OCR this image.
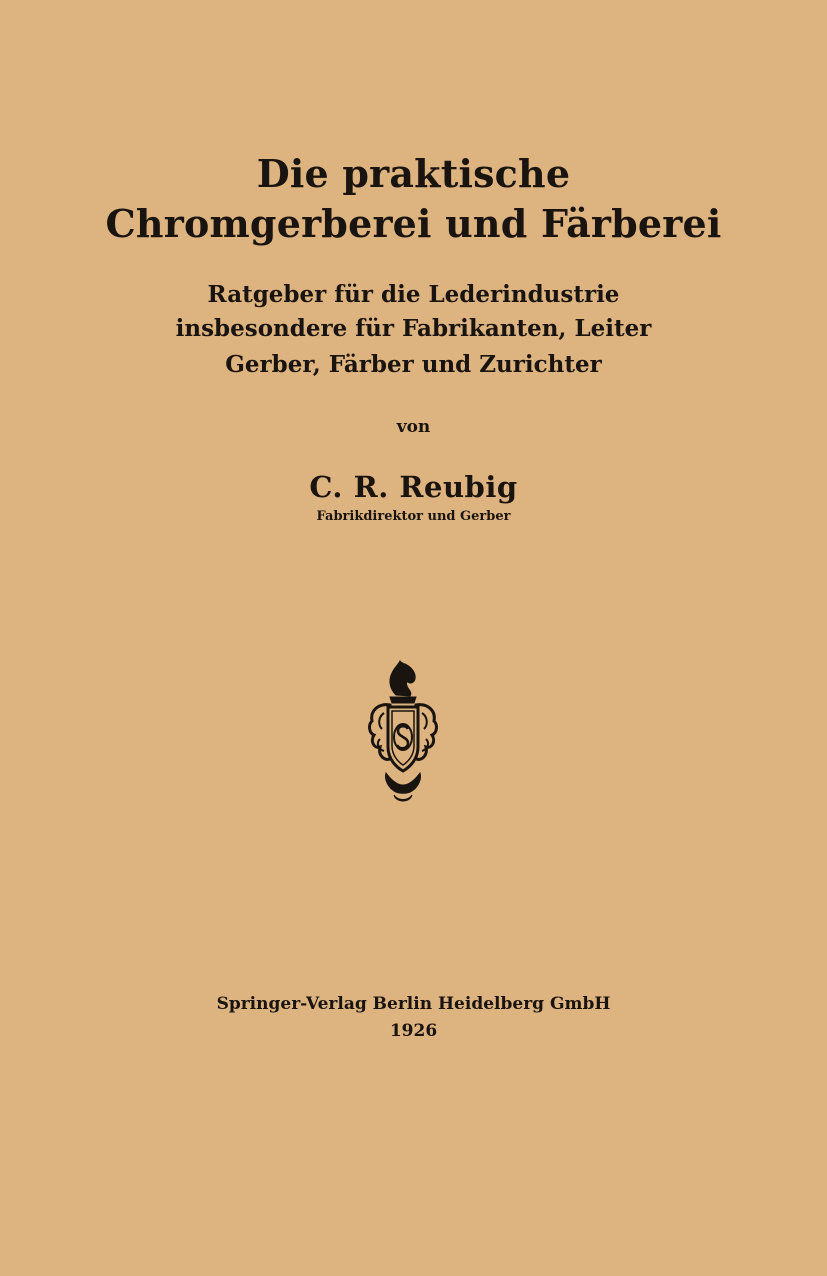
Die praktische
Chromgerberei und Färberei
Ratgeber für die Lederindustrie
insbesondere für Fabrikanten, Leiter
Gerber, Färber und Zurichter
von
C. R. Reubig
Fabrikdirektor und Gerber
Springer-Verlag Berlin Heidelberg GmbH
1926
